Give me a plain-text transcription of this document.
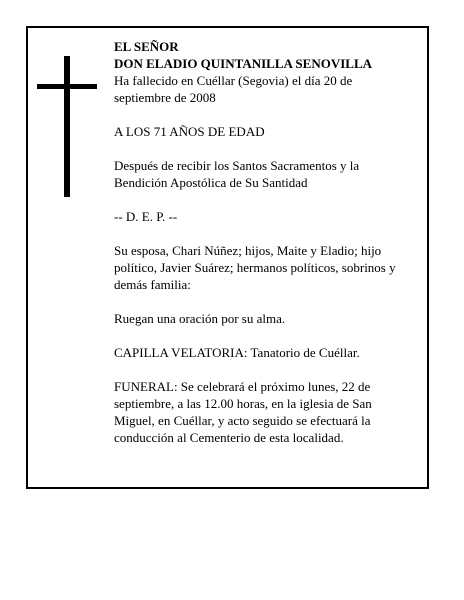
EL SEÑOR

DON ELADIO QUINTANILLA SENOVILLA

Ha fallecido en Cuéllar (Segovia) el día 20 de

septiembre de 2008

A LOS 71 AÑOS DE EDAD

Después de recibir los Santos Sacramentos y la

Bendición Apostólica de Su Santidad

-- D. E. P. --

Su esposa, Chari Núñez; hijos, Maite y Eladio; hijo

político, Javier Suárez; hermanos políticos, sobrinos y

demás familia:

Ruegan una oración por su alma.

CAPILLA VELATORIA: Tanatorio de Cuéllar.

FUNERAL: Se celebrará el próximo lunes, 22 de

septiembre, a las 12.00 horas, en la iglesia de San

Miguel, en Cuéllar, y acto seguido se efectuará la

conducción al Cementerio de esta localidad.
